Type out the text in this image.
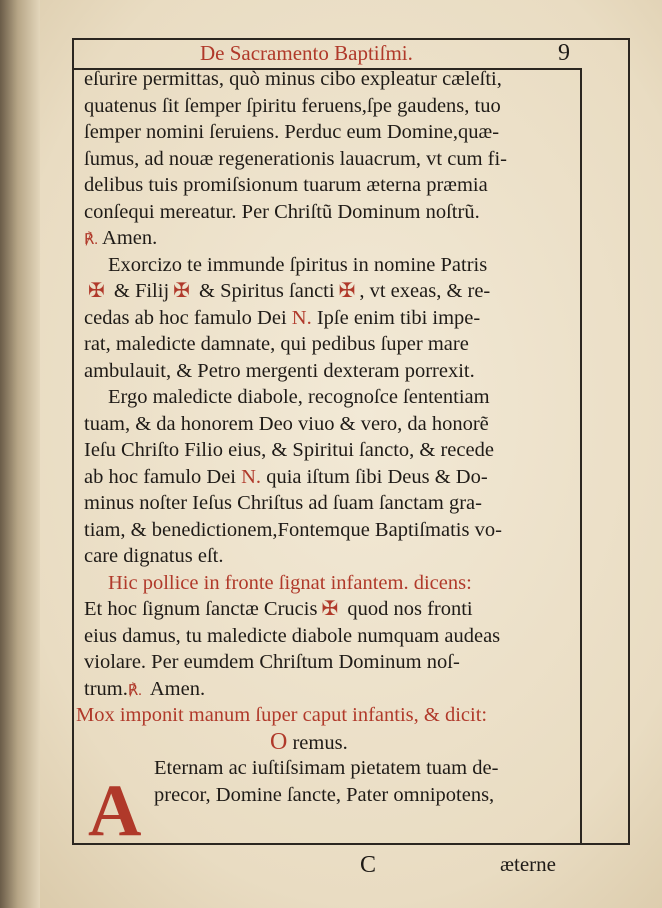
De Sacramento Baptiſmi.	9
eſurire permittas, quò minus cibo expleatur cæleſti,
quatenus ſit ſemper ſpiritu feruens,ſpe gaudens, tuo
ſemper nomini ſeruiens. Perduc eum Domine,quæ-
ſumus, ad nouæ regenerationis lauacrum, vt cum fi-
delibus tuis promiſsionum tuarum æterna præmia
conſequi mereatur. Per Chriſtũ Dominum noſtrũ.
℟. Amen.
Exorcizo te immunde ſpiritus in nomine Patris
✠ & Filij ✠ & Spiritus ſancti ✠ , vt exeas, & re-
cedas ab hoc famulo Dei N. Ipſe enim tibi impe-
rat, maledicte damnate, qui pedibus ſuper mare
ambulauit, & Petro mergenti dexteram porrexit.
Ergo maledicte diabole, recognoſce ſententiam
tuam, & da honorem Deo viuo & vero, da honorẽ
Ieſu Chriſto Filio eius, & Spiritui ſancto, & recede
ab hoc famulo Dei N. quia iſtum ſibi Deus & Do-
minus noſter Ieſus Chriſtus ad ſuam ſanctam gra-
tiam, & benedictionem,Fontemque Baptiſmatis vo-
care dignatus eſt.
Hic pollice in fronte ſignat infantem. dicens:
Et hoc ſignum ſanctæ Crucis ✠ quod nos fronti
eius damus, tu maledicte diabole numquam audeas
violare. Per eumdem Chriſtum Dominum noſ-
trum.℟. Amen.
Mox imponit manum ſuper caput infantis, & dicit:
O remus.
Eternam ac iuſtiſsimam pietatem tuam de-
precor, Domine ſancte, Pater omnipotens,
A
C	æterne
